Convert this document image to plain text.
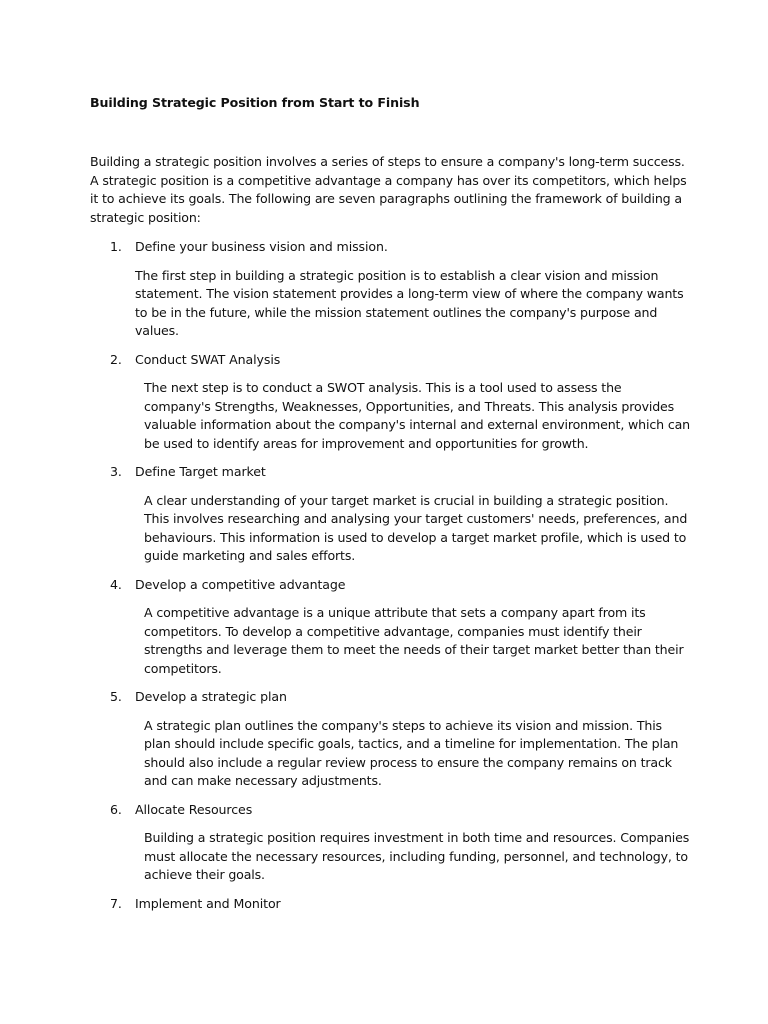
Building Strategic Position from Start to Finish

Building a strategic position involves a series of steps to ensure a company's long-term success. A strategic position is a competitive advantage a company has over its competitors, which helps it to achieve its goals. The following are seven paragraphs outlining the framework of building a strategic position:

1. Define your business vision and mission.

The first step in building a strategic position is to establish a clear vision and mission statement. The vision statement provides a long-term view of where the company wants to be in the future, while the mission statement outlines the company's purpose and values.

2. Conduct SWAT Analysis

The next step is to conduct a SWOT analysis. This is a tool used to assess the company's Strengths, Weaknesses, Opportunities, and Threats. This analysis provides valuable information about the company's internal and external environment, which can be used to identify areas for improvement and opportunities for growth.

3. Define Target market

A clear understanding of your target market is crucial in building a strategic position. This involves researching and analysing your target customers' needs, preferences, and behaviours. This information is used to develop a target market profile, which is used to guide marketing and sales efforts.

4. Develop a competitive advantage

A competitive advantage is a unique attribute that sets a company apart from its competitors. To develop a competitive advantage, companies must identify their strengths and leverage them to meet the needs of their target market better than their competitors.

5. Develop a strategic plan

A strategic plan outlines the company's steps to achieve its vision and mission. This plan should include specific goals, tactics, and a timeline for implementation. The plan should also include a regular review process to ensure the company remains on track and can make necessary adjustments.

6. Allocate Resources

Building a strategic position requires investment in both time and resources. Companies must allocate the necessary resources, including funding, personnel, and technology, to achieve their goals.

7. Implement and Monitor
